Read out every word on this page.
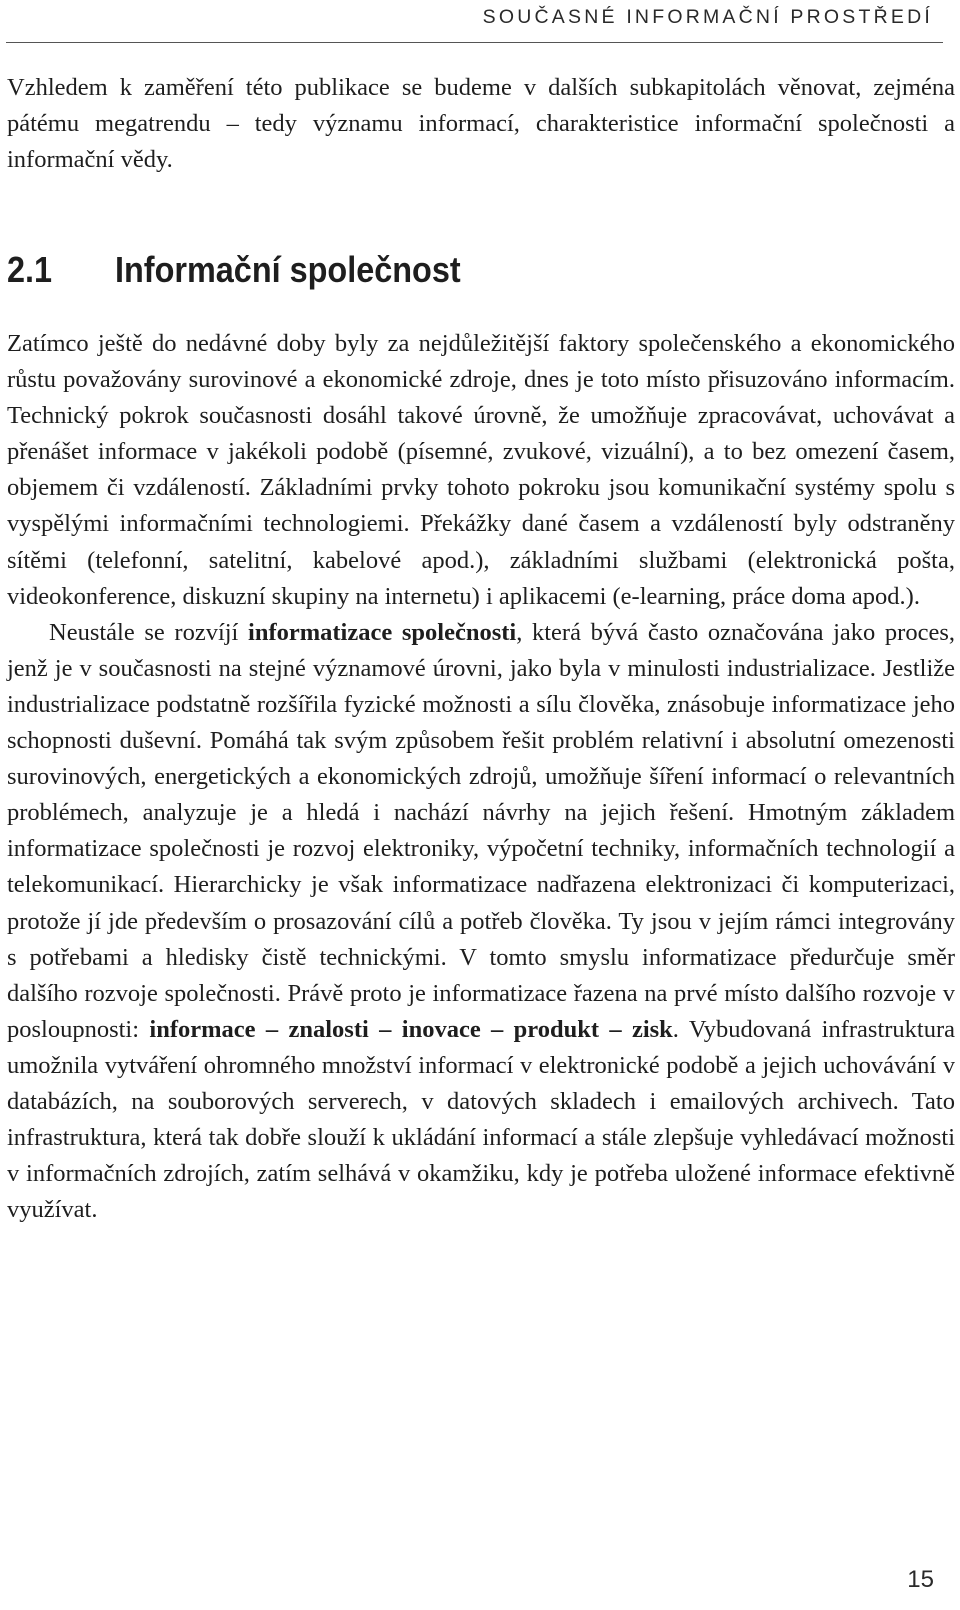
SOUČASNÉ INFORMAČNÍ PROSTŘEDÍ

Vzhledem k zaměření této publikace se budeme v dalších subkapitolách věnovat, zejména pátému megatrendu – tedy významu informací, charakteristice informační společnosti a informační vědy.

2.1 Informační společnost

Zatímco ještě do nedávné doby byly za nejdůležitější faktory společenského a ekonomického růstu považovány surovinové a ekonomické zdroje, dnes je toto místo přisuzováno informacím. Technický pokrok současnosti dosáhl takové úrovně, že umožňuje zpracovávat, uchovávat a přenášet informace v jakékoli podobě (písemné, zvukové, vizuální), a to bez omezení časem, objemem či vzdáleností. Základními prvky tohoto pokroku jsou komunikační systémy spolu s vyspělými informačními technologiemi. Překážky dané časem a vzdáleností byly odstraněny sítěmi (telefonní, satelitní, kabelové apod.), základními službami (elektronická pošta, videokonference, diskuzní skupiny na internetu) i aplikacemi (e-learning, práce doma apod.).

Neustále se rozvíjí informatizace společnosti, která bývá často označována jako proces, jenž je v současnosti na stejné významové úrovni, jako byla v minulosti industrializace. Jestliže industrializace podstatně rozšířila fyzické možnosti a sílu člověka, znásobuje informatizace jeho schopnosti duševní. Pomáhá tak svým způsobem řešit problém relativní i absolutní omezenosti surovinových, energetických a ekonomických zdrojů, umožňuje šíření informací o relevantních problémech, analyzuje je a hledá i nachází návrhy na jejich řešení. Hmotným základem informatizace společnosti je rozvoj elektroniky, výpočetní techniky, informačních technologií a telekomunikací. Hierarchicky je však informatizace nadřazena elektronizaci či komputerizaci, protože jí jde především o prosazování cílů a potřeb člověka. Ty jsou v jejím rámci integrovány s potřebami a hledisky čistě technickými. V tomto smyslu informatizace předurčuje směr dalšího rozvoje společnosti. Právě proto je informatizace řazena na prvé místo dalšího rozvoje v posloupnosti: informace – znalosti – inovace – produkt – zisk. Vybudovaná infrastruktura umožnila vytváření ohromného množství informací v elektronické podobě a jejich uchovávání v databázích, na souborových serverech, v datových skladech i emailových archivech. Tato infrastruktura, která tak dobře slouží k ukládání informací a stále zlepšuje vyhledávací možnosti v informačních zdrojích, zatím selhává v okamžiku, kdy je potřeba uložené informace efektivně využívat.

15
